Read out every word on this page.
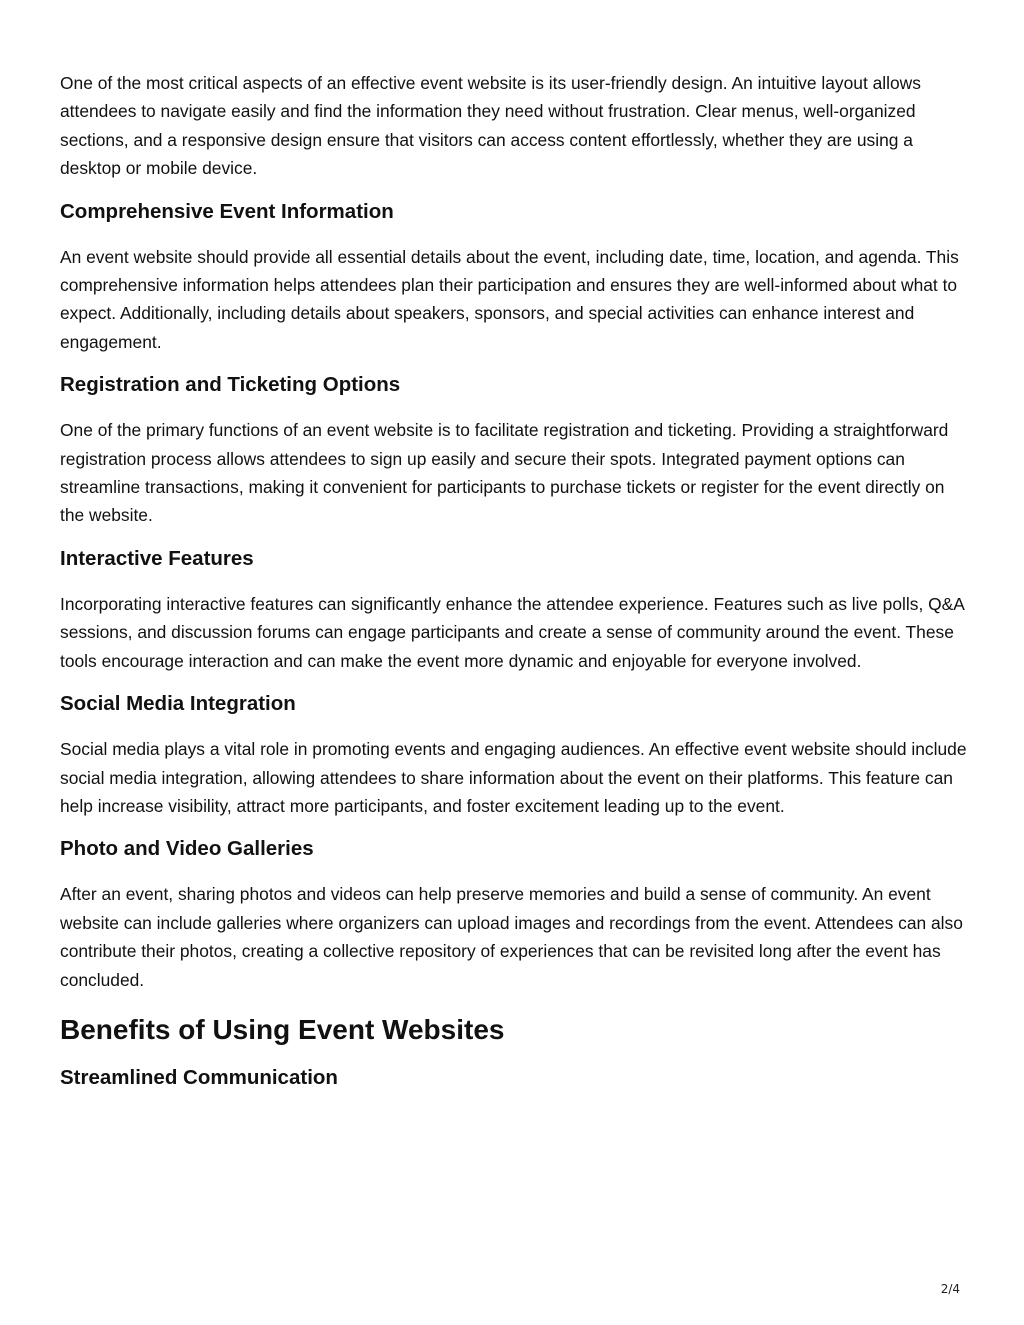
One of the most critical aspects of an effective event website is its user-friendly design. An intuitive layout allows attendees to navigate easily and find the information they need without frustration. Clear menus, well-organized sections, and a responsive design ensure that visitors can access content effortlessly, whether they are using a desktop or mobile device.

Comprehensive Event Information

An event website should provide all essential details about the event, including date, time, location, and agenda. This comprehensive information helps attendees plan their participation and ensures they are well-informed about what to expect. Additionally, including details about speakers, sponsors, and special activities can enhance interest and engagement.

Registration and Ticketing Options

One of the primary functions of an event website is to facilitate registration and ticketing. Providing a straightforward registration process allows attendees to sign up easily and secure their spots. Integrated payment options can streamline transactions, making it convenient for participants to purchase tickets or register for the event directly on the website.

Interactive Features

Incorporating interactive features can significantly enhance the attendee experience. Features such as live polls, Q&A sessions, and discussion forums can engage participants and create a sense of community around the event. These tools encourage interaction and can make the event more dynamic and enjoyable for everyone involved.

Social Media Integration

Social media plays a vital role in promoting events and engaging audiences. An effective event website should include social media integration, allowing attendees to share information about the event on their platforms. This feature can help increase visibility, attract more participants, and foster excitement leading up to the event.

Photo and Video Galleries

After an event, sharing photos and videos can help preserve memories and build a sense of community. An event website can include galleries where organizers can upload images and recordings from the event. Attendees can also contribute their photos, creating a collective repository of experiences that can be revisited long after the event has concluded.

Benefits of Using Event Websites
Streamlined Communication
2/4
